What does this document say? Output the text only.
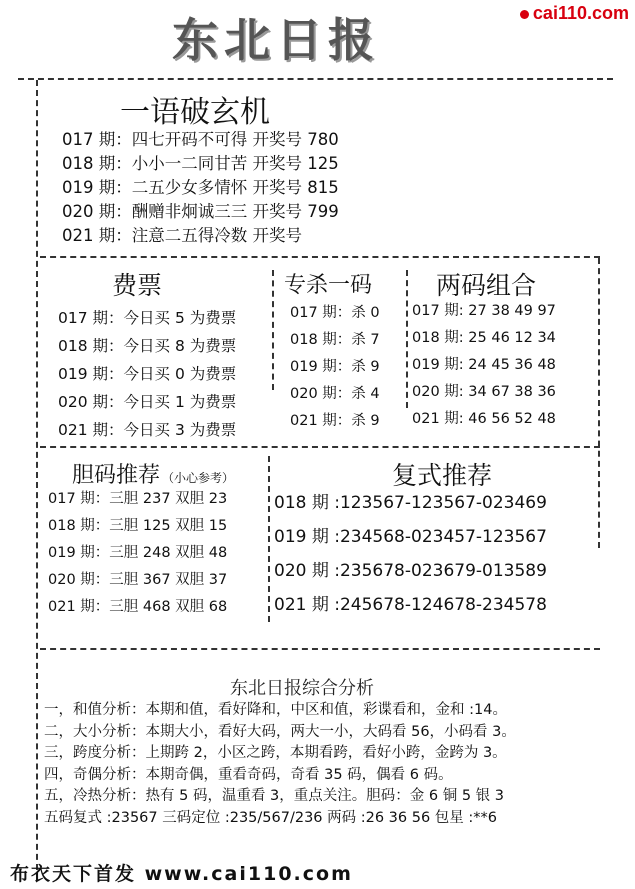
cai110.com
东北日报
一语破玄机
017 期：四七开码不可得 开奖号 780
018 期：小小一二同甘苦 开奖号 125
019 期：二五少女多情怀 开奖号 815
020 期：酬赠非炯诚三三 开奖号 799
021 期：注意二五得冷数 开奖号
费票
017 期：今日买 5 为费票
018 期：今日买 8 为费票
019 期：今日买 0 为费票
020 期：今日买 1 为费票
021 期：今日买 3 为费票
专杀一码
017 期：杀 0
018 期：杀 7
019 期：杀 9
020 期：杀 4
021 期：杀 9
两码组合
017 期: 27 38 49 97
018 期: 25 46 12 34
019 期: 24 45 36 48
020 期: 34 67 38 36
021 期: 46 56 52 48
胆码推荐 （小心参考）
017 期：三胆 237 双胆 23
018 期：三胆 125 双胆 15
019 期：三胆 248 双胆 48
020 期：三胆 367 双胆 37
021 期：三胆 468 双胆 68
复式推荐
018 期 :123567-123567-023469
019 期 :234568-023457-123567
020 期 :235678-023679-013589
021 期 :245678-124678-234578
东北日报综合分析
一，和值分析：本期和值，看好降和，中区和值，彩谍看和，金和 :14。
二，大小分析：本期大小，看好大码，两大一小，大码看 56，小码看 3。
三，跨度分析：上期跨 2，小区之跨，本期看跨，看好小跨，金跨为 3。
四，奇偶分析：本期奇偶，重看奇码，奇看 35 码，偶看 6 码。
五，冷热分析：热有 5 码，温重看 3，重点关注。胆码：金 6 铜 5 银 3
五码复式 :23567 三码定位 :235/567/236 两码 :26 36 56 包星 :**6
布衣天下首发 www.cai110.com
